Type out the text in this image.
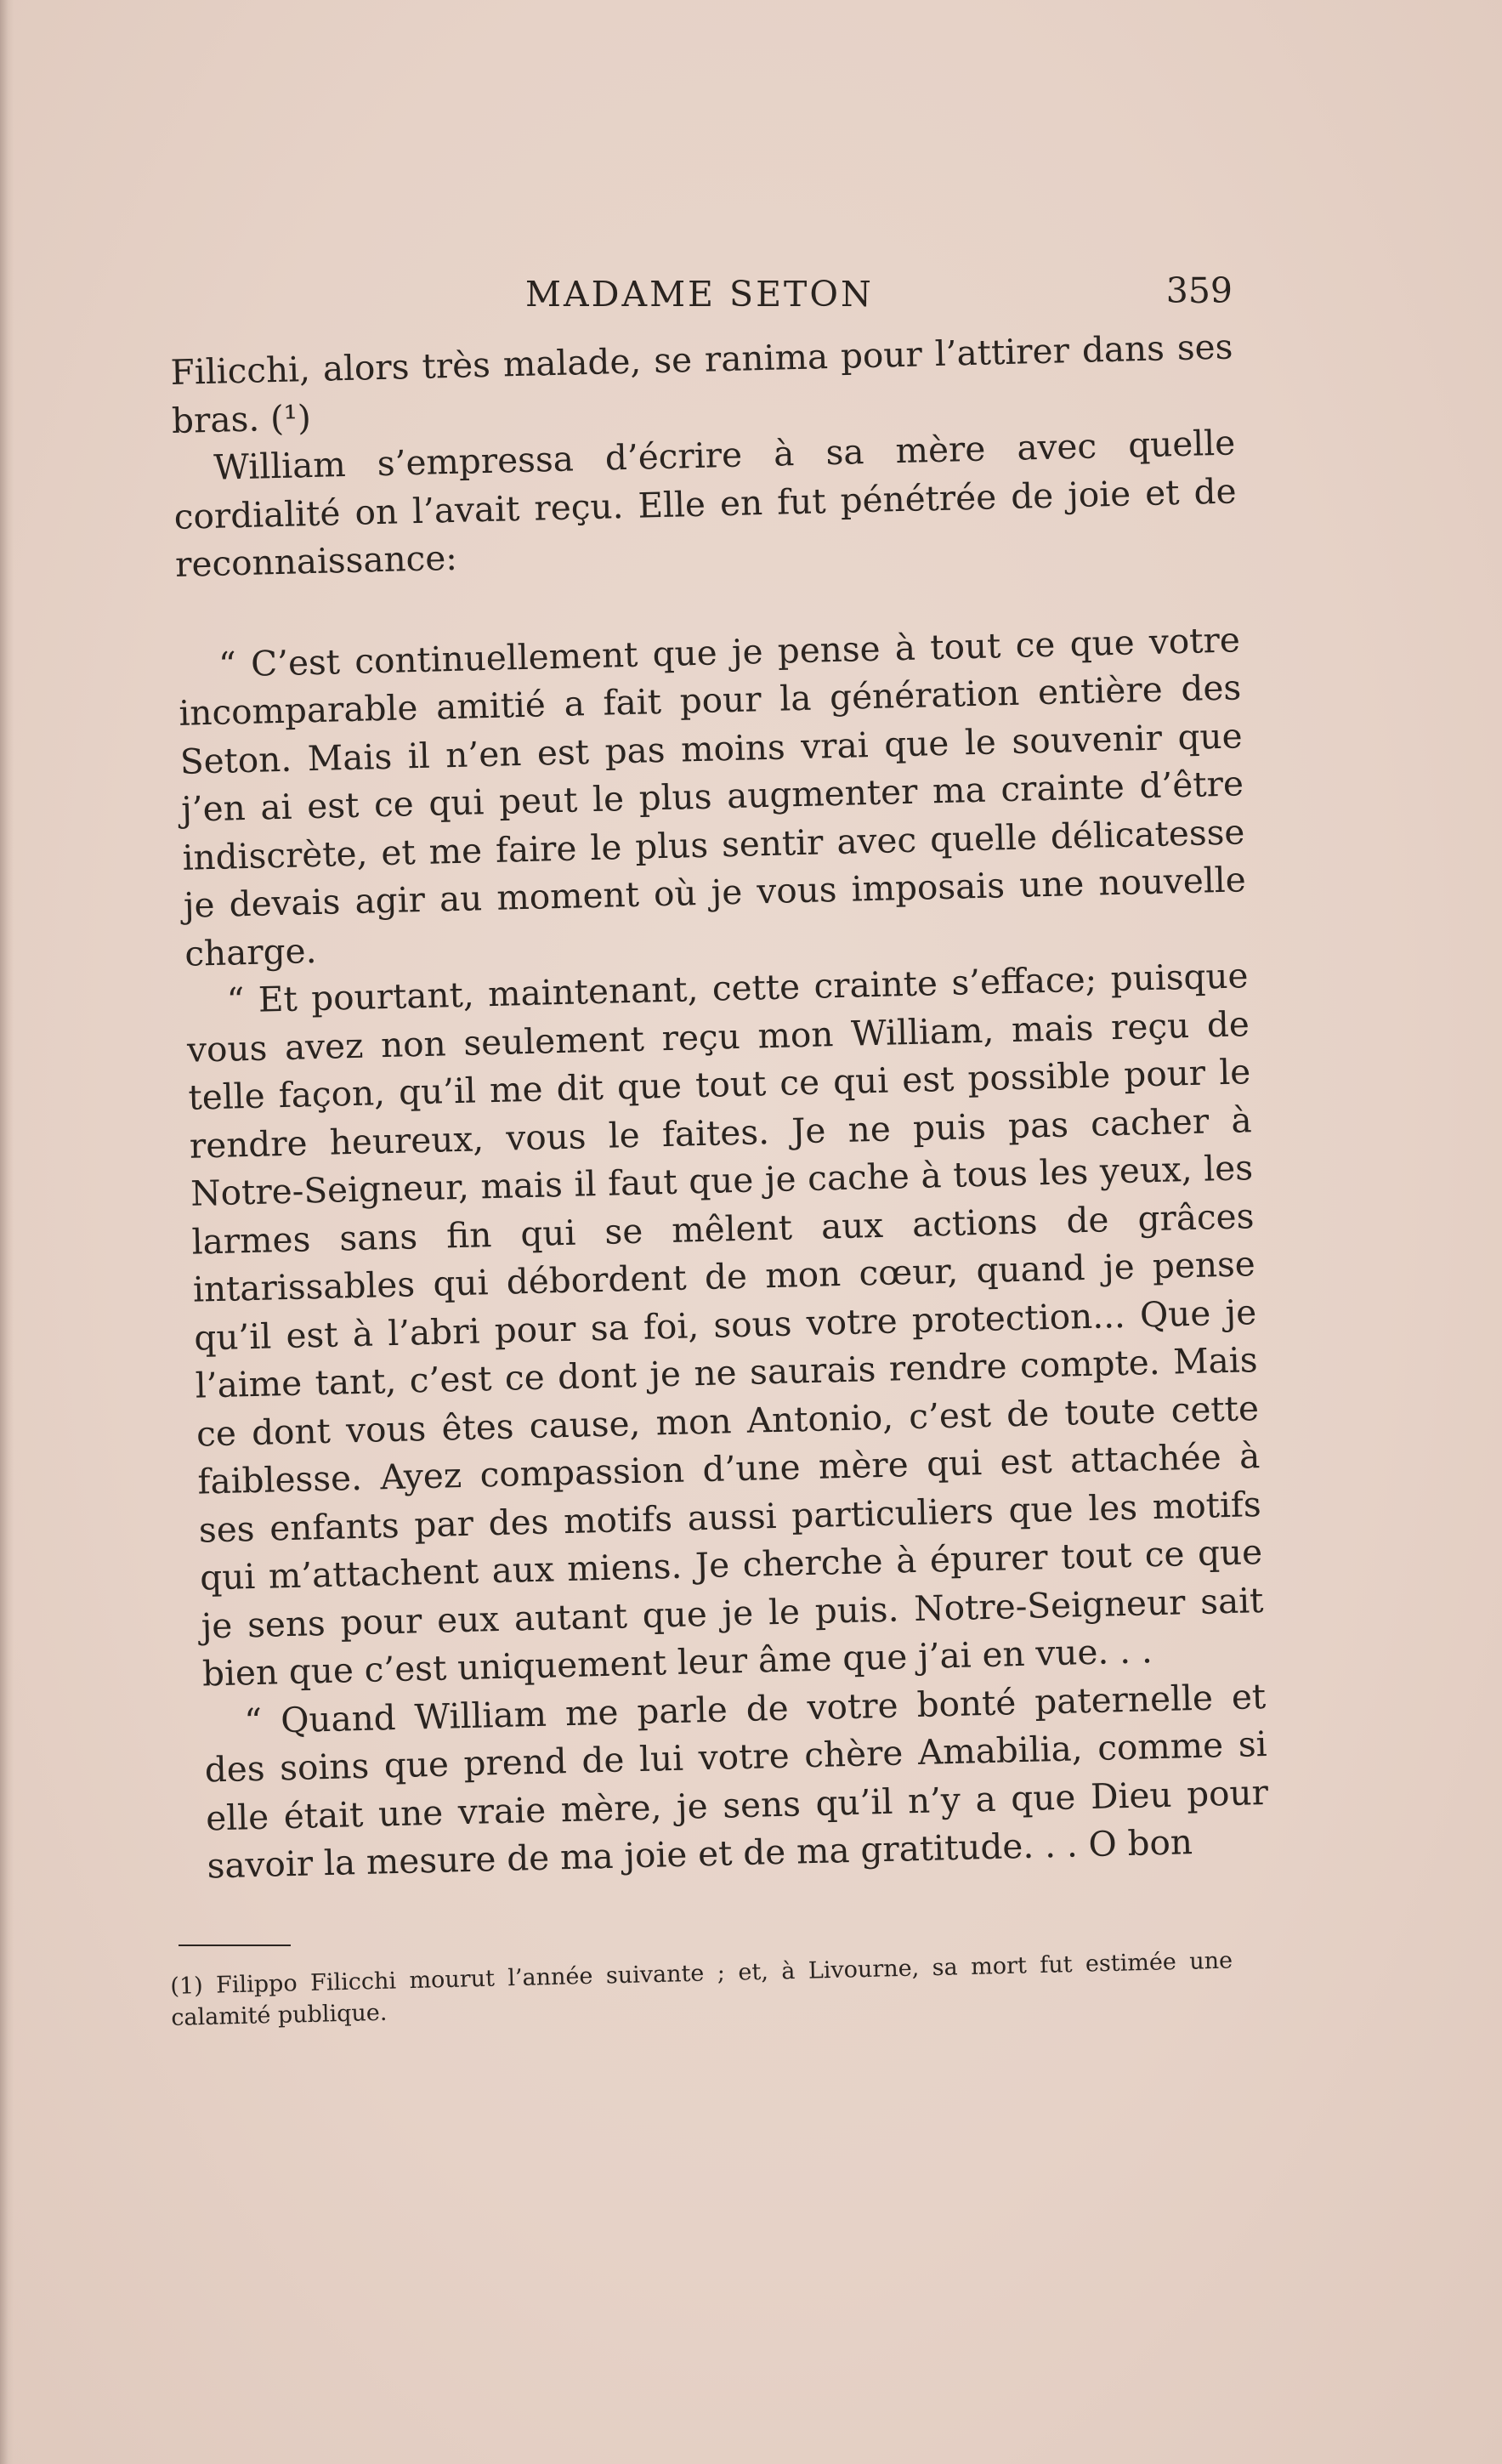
MADAME SETON	359

Filicchi, alors très malade, se ranima pour l’attirer dans ses bras. (¹)

William s’empressa d’écrire à sa mère avec quelle cordialité on l’avait reçu. Elle en fut pénétrée de joie et de reconnaissance:

“ C’est continuellement que je pense à tout ce que votre incomparable amitié a fait pour la génération entière des Seton. Mais il n’en est pas moins vrai que le souvenir que j’en ai est ce qui peut le plus augmenter ma crainte d’être indiscrète, et me faire le plus sentir avec quelle délicatesse je devais agir au moment où je vous imposais une nouvelle charge.

“ Et pourtant, maintenant, cette crainte s’efface; puisque vous avez non seulement reçu mon William, mais reçu de telle façon, qu’il me dit que tout ce qui est possible pour le rendre heureux, vous le faites. Je ne puis pas cacher à Notre-Seigneur, mais il faut que je cache à tous les yeux, les larmes sans fin qui se mêlent aux actions de grâces intarissables qui débordent de mon cœur, quand je pense qu’il est à l’abri pour sa foi, sous votre protection... Que je l’aime tant, c’est ce dont je ne saurais rendre compte. Mais ce dont vous êtes cause, mon Antonio, c’est de toute cette faiblesse. Ayez compassion d’une mère qui est attachée à ses enfants par des motifs aussi particuliers que les motifs qui m’attachent aux miens. Je cherche à épurer tout ce que je sens pour eux autant que je le puis. Notre-Seigneur sait bien que c’est uniquement leur âme que j’ai en vue. . .

“ Quand William me parle de votre bonté paternelle et des soins que prend de lui votre chère Amabilia, comme si elle était une vraie mère, je sens qu’il n’y a que Dieu pour savoir la mesure de ma joie et de ma gratitude. . . O bon

(1) Filippo Filicchi mourut l’année suivante ; et, à Livourne, sa mort fut estimée une calamité publique.
